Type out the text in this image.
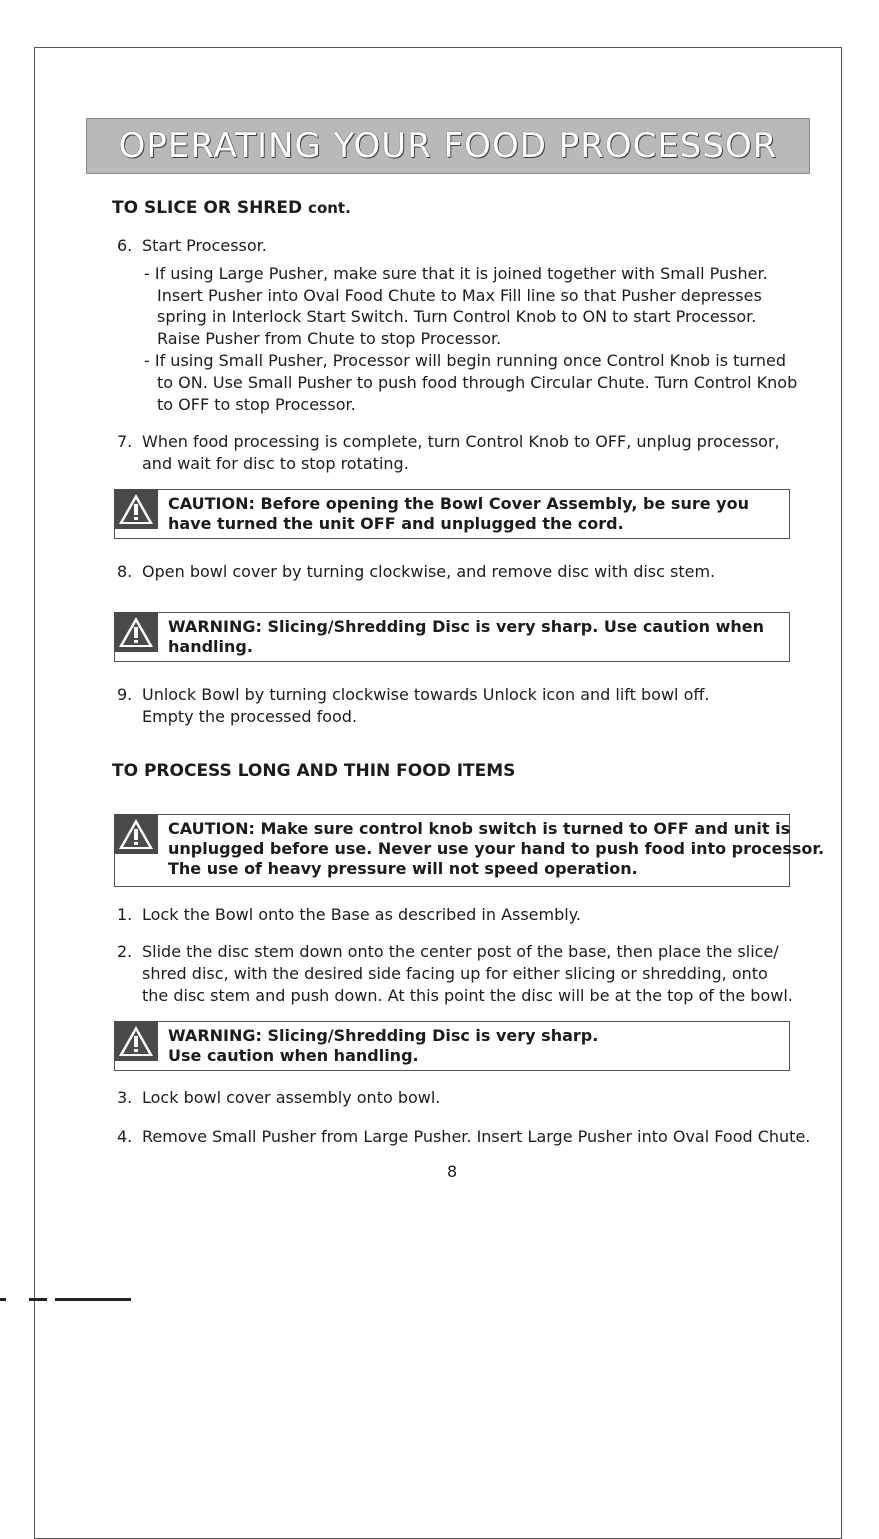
OPERATING YOUR FOOD PROCESSOR
TO SLICE OR SHRED cont.
6. Start Processor.
- If using Large Pusher, make sure that it is joined together with Small Pusher.
Insert Pusher into Oval Food Chute to Max Fill line so that Pusher depresses
spring in Interlock Start Switch. Turn Control Knob to ON to start Processor.
Raise Pusher from Chute to stop Processor.
- If using Small Pusher, Processor will begin running once Control Knob is turned
to ON. Use Small Pusher to push food through Circular Chute. Turn Control Knob
to OFF to stop Processor.
7. When food processing is complete, turn Control Knob to OFF, unplug processor,
and wait for disc to stop rotating.
CAUTION: Before opening the Bowl Cover Assembly, be sure you
have turned the unit OFF and unplugged the cord.
8. Open bowl cover by turning clockwise, and remove disc with disc stem.
WARNING: Slicing/Shredding Disc is very sharp. Use caution when
handling.
9. Unlock Bowl by turning clockwise towards Unlock icon and lift bowl off.
Empty the processed food.
TO PROCESS LONG AND THIN FOOD ITEMS
CAUTION: Make sure control knob switch is turned to OFF and unit is
unplugged before use. Never use your hand to push food into processor.
The use of heavy pressure will not speed operation.
1. Lock the Bowl onto the Base as described in Assembly.
2. Slide the disc stem down onto the center post of the base, then place the slice/
shred disc, with the desired side facing up for either slicing or shredding, onto
the disc stem and push down. At this point the disc will be at the top of the bowl.
WARNING: Slicing/Shredding Disc is very sharp.
Use caution when handling.
3. Lock bowl cover assembly onto bowl.
4. Remove Small Pusher from Large Pusher. Insert Large Pusher into Oval Food Chute.
8
